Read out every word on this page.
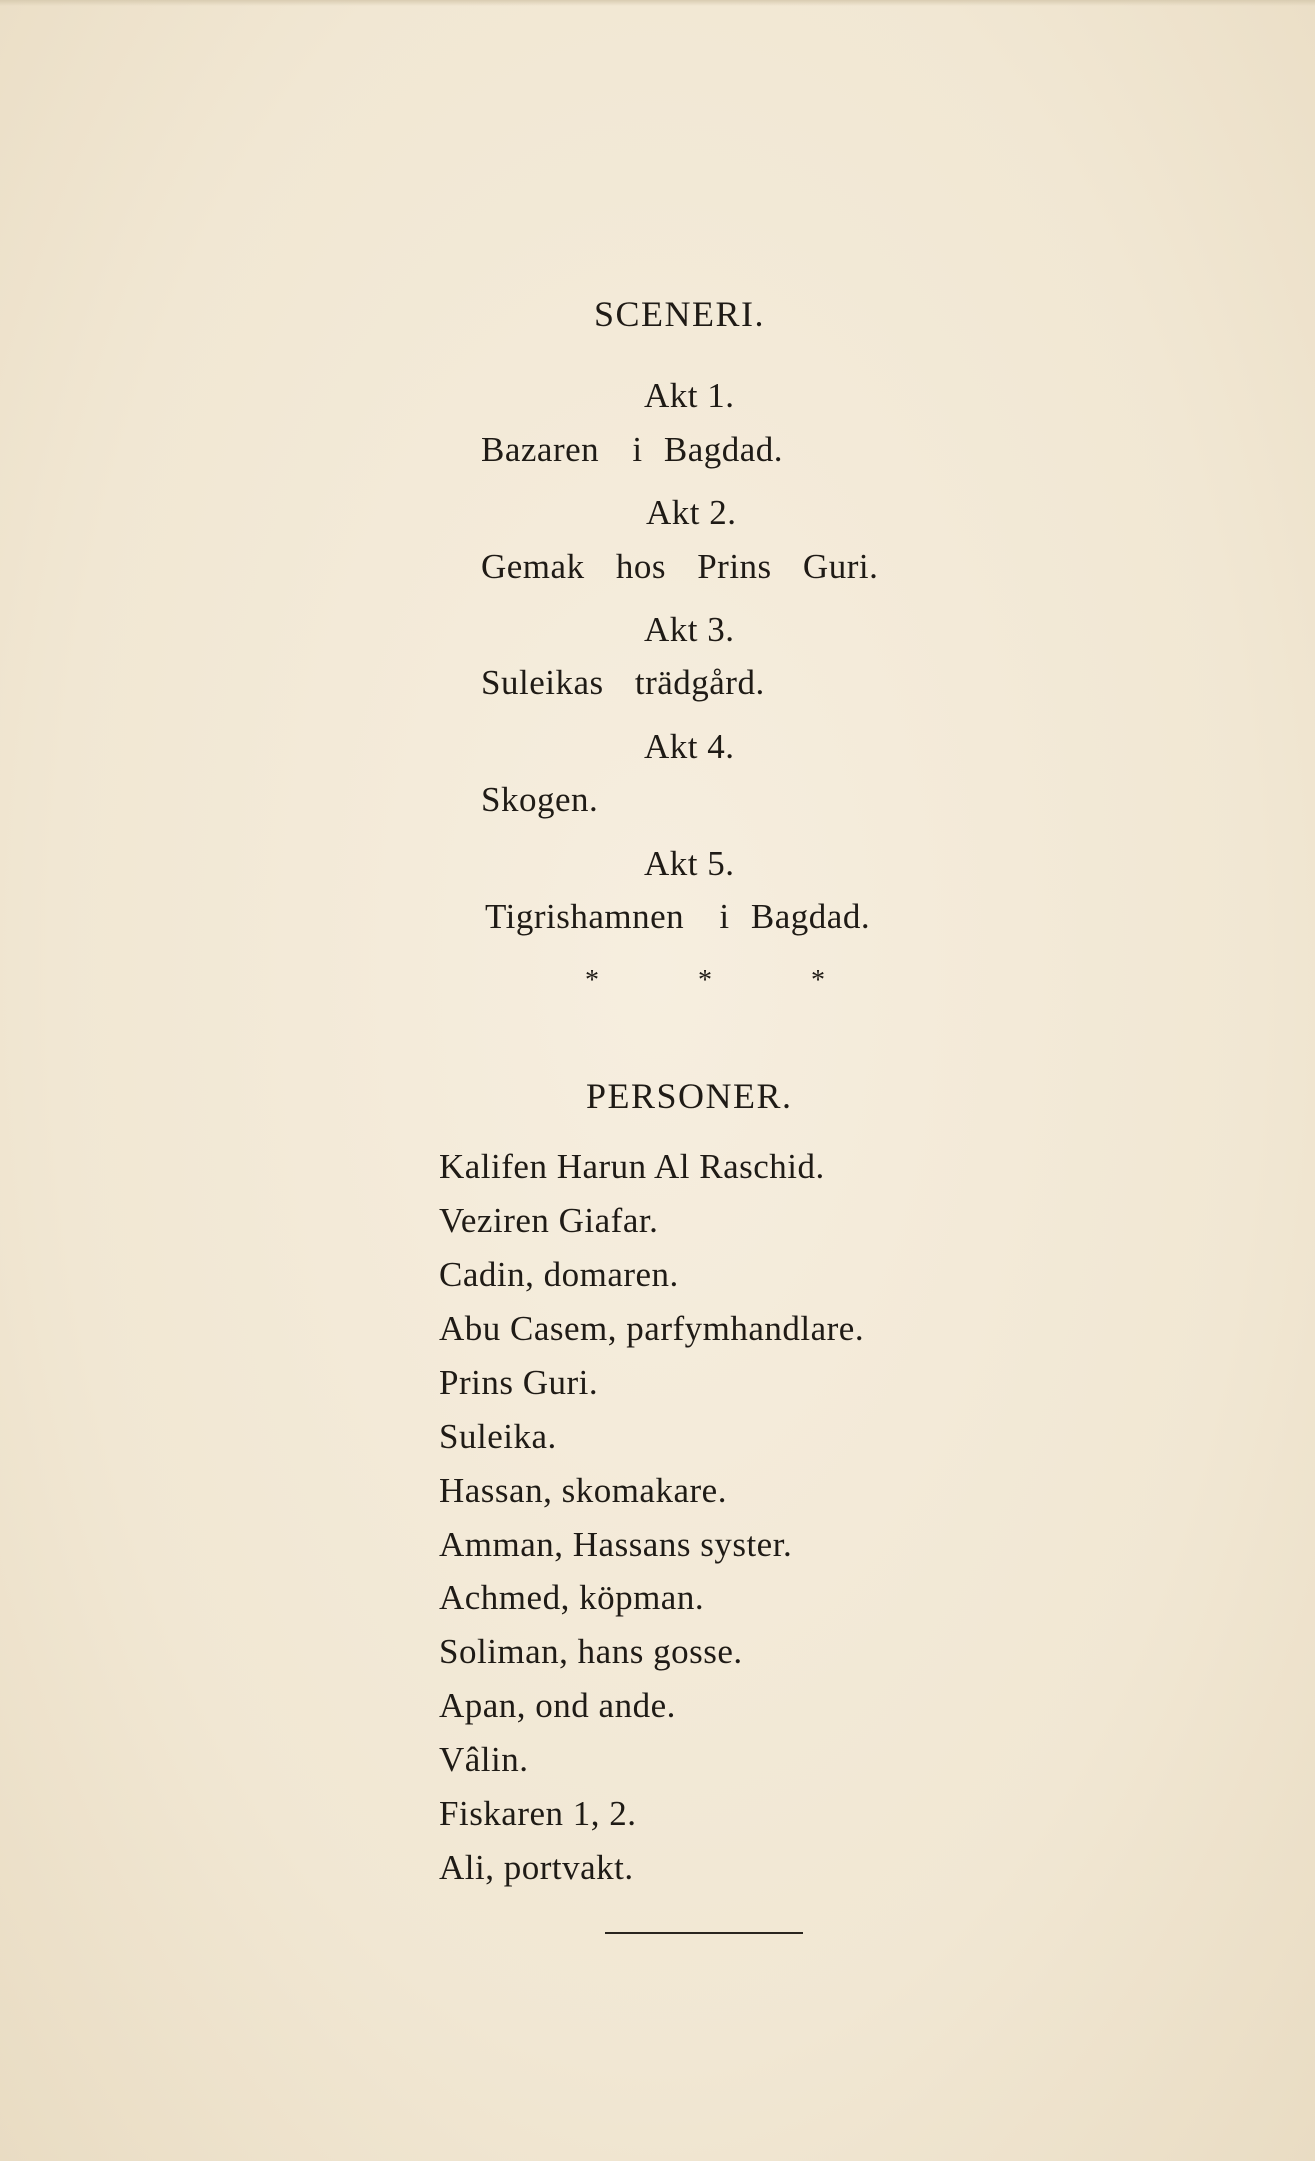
SCENERI.
Akt 1.
Bazaren i Bagdad.
Akt 2.
Gemak hos Prins Guri.
Akt 3.
Suleikas trädgård.
Akt 4.
Skogen.
Akt 5.
Tigrishamnen i Bagdad.
*	*	*
PERSONER.
Kalifen Harun Al Raschid.
Veziren Giafar.
Cadin, domaren.
Abu Casem, parfymhandlare.
Prins Guri.
Suleika.
Hassan, skomakare.
Amman, Hassans syster.
Achmed, köpman.
Soliman, hans gosse.
Apan, ond ande.
Vâlin.
Fiskaren 1, 2.
Ali, portvakt.
